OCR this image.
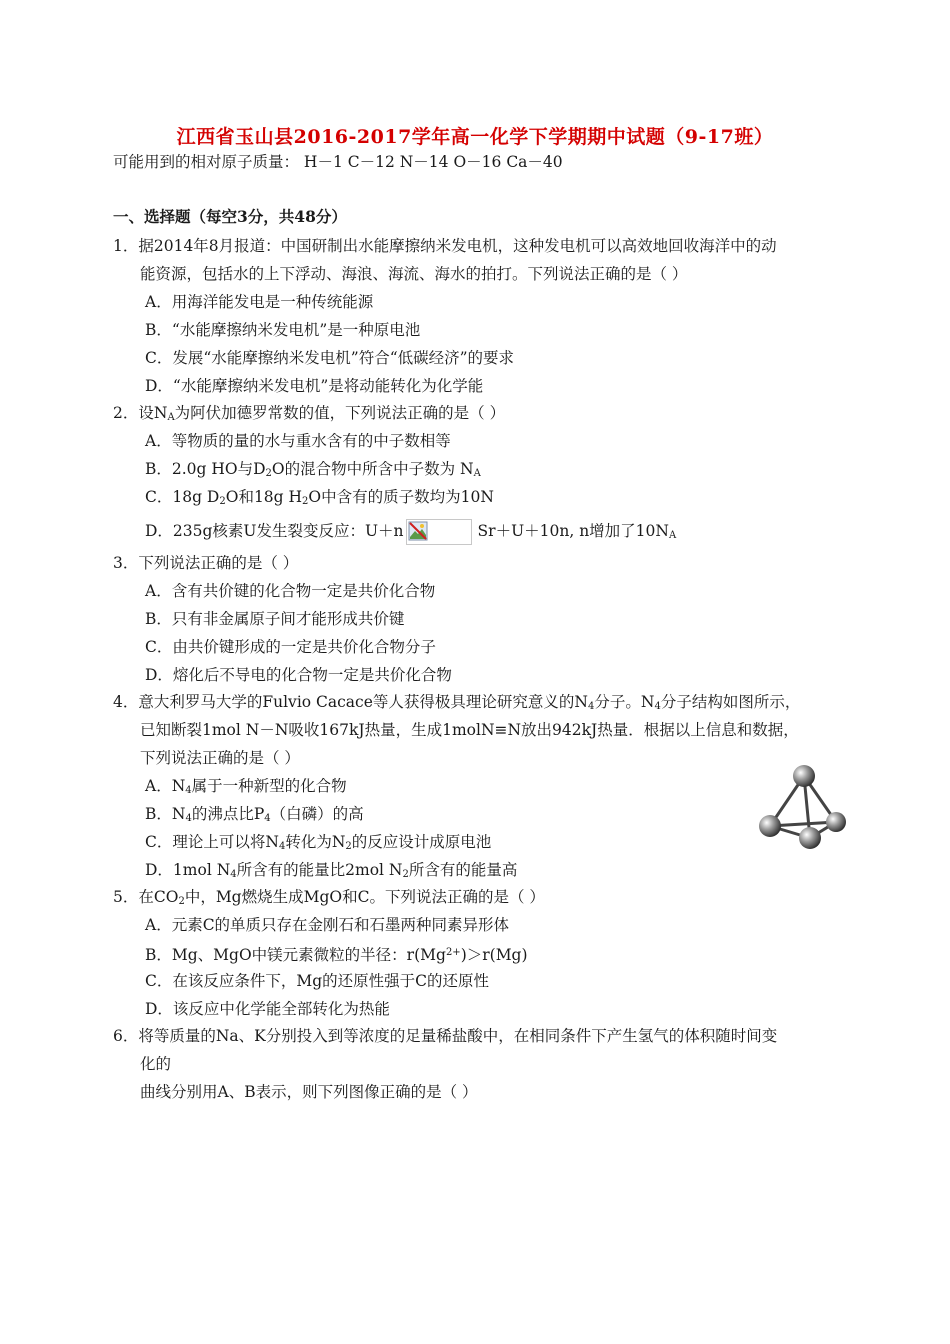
江西省玉山县2016-2017学年高一化学下学期期中试题（9-17班）
可能用到的相对原子质量： H－1 C－12 N－14 O－16 Ca－40
一、选择题（每空3分，共48分）
1．据2014年8月报道：中国研制出水能摩擦纳米发电机，这种发电机可以高效地回收海洋中的动
能资源，包括水的上下浮动、海浪、海流、海水的拍打。下列说法正确的是（ ）
A．用海洋能发电是一种传统能源
B．“水能摩擦纳米发电机”是一种原电池
C．发展“水能摩擦纳米发电机”符合“低碳经济”的要求
D．“水能摩擦纳米发电机”是将动能转化为化学能
2．设$N_A$为阿伏加德罗常数的值，下列说法正确的是（ ）
A．等物质的量的水与重水含有的中子数相等
B．2.0g HO与$D_2O$的混合物中所含中子数为 $N_A$
C．18g $D_2O$和18g $H_2O$中含有的质子数均为10N
D．235g核素U发生裂变反应：U＋n	Sr＋U＋10n, n增加了$10N_A$
3．下列说法正确的是（ ）
A．含有共价键的化合物一定是共价化合物
B．只有非金属原子间才能形成共价键
C．由共价键形成的一定是共价化合物分子
D．熔化后不导电的化合物一定是共价化合物
4．意大利罗马大学的Fulvio Cacace等人获得极具理论研究意义的$N_4$分子。$N_4$分子结构如图所示，
已知断裂1mol N－N吸收167kJ热量，生成1molN≡N放出942kJ热量．根据以上信息和数据，
下列说法正确的是（ ）
A．$N_4$属于一种新型的化合物
B．$N_4$的沸点比$P_4$（白磷）的高
C．理论上可以将$N_4$转化为$N_2$的反应设计成原电池
D．1mol $N_4$所含有的能量比2mol $N_2$所含有的能量高
5．在$CO_2$中，Mg燃烧生成MgO和C。下列说法正确的是（ ）
A．元素C的单质只存在金刚石和石墨两种同素异形体
B．Mg、MgO中镁元素微粒的半径：$r(Mg^{2+})>r(Mg)$
C．在该反应条件下，Mg的还原性强于C的还原性
D．该反应中化学能全部转化为热能
6．将等质量的Na、K分别投入到等浓度的足量稀盐酸中，在相同条件下产生氢气的体积随时间变
化的
曲线分别用A、B表示，则下列图像正确的是（ ）
